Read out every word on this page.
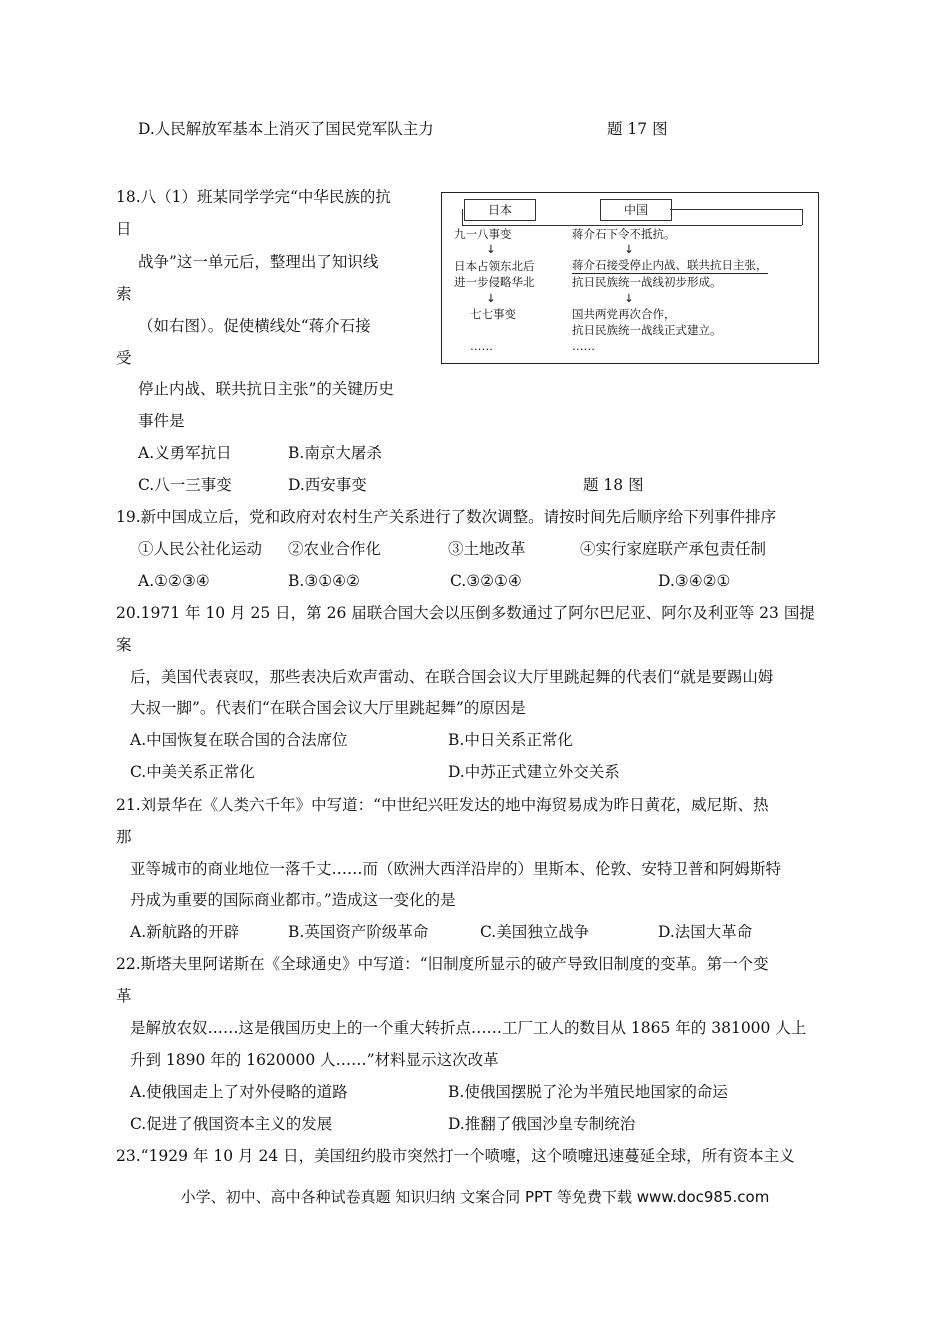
D.人民解放军基本上消灭了国民党军队主力	题 17 图
18.八（1）班某同学学完“中华民族的抗
日
战争”这一单元后，整理出了知识线
索
（如右图）。促使横线处“蒋介石接
受
停止内战、联共抗日主张”的关键历史
事件是
A.义勇军抗日	B.南京大屠杀
C.八一三事变	D.西安事变	题 18 图
19.新中国成立后，党和政府对农村生产关系进行了数次调整。请按时间先后顺序给下列事件排序
①人民公社化运动 ②农业合作化	③土地改革	④实行家庭联产承包责任制
A.①②③④	B.③①④②	C.③②①④	D.③④②①
20.1971 年 10 月 25 日，第 26 届联合国大会以压倒多数通过了阿尔巴尼亚、阿尔及利亚等 23 国提
案
后，美国代表哀叹，那些表决后欢声雷动、在联合国会议大厅里跳起舞的代表们“就是要踢山姆
大叔一脚”。代表们“在联合国会议大厅里跳起舞”的原因是
A.中国恢复在联合国的合法席位	B.中日关系正常化
C.中美关系正常化	D.中苏正式建立外交关系
21.刘景华在《人类六千年》中写道：“中世纪兴旺发达的地中海贸易成为昨日黄花，威尼斯、热
那
亚等城市的商业地位一落千丈……而（欧洲大西洋沿岸的）里斯本、伦敦、安特卫普和阿姆斯特
丹成为重要的国际商业都市。”造成这一变化的是
A.新航路的开辟	B.英国资产阶级革命	C.美国独立战争	D.法国大革命
22.斯塔夫里阿诺斯在《全球通史》中写道：“旧制度所显示的破产导致旧制度的变革。第一个变
革
是解放农奴……这是俄国历史上的一个重大转折点……工厂工人的数目从 1865 年的 381000 人上
升到 1890 年的 1620000 人……”材料显示这次改革
A.使俄国走上了对外侵略的道路	B.使俄国摆脱了沦为半殖民地国家的命运
C.促进了俄国资本主义的发展	D.推翻了俄国沙皇专制统治
23.“1929 年 10 月 24 日，美国纽约股市突然打一个喷嚏，这个喷嚏迅速蔓延全球，所有资本主义
日本	中国
九一八事变
↓
日本占领东北后
进一步侵略华北
↓
七七事变
……
蒋介石下令不抵抗。
↓
蒋介石接受停止内战、联共抗日主张，
抗日民族统一战线初步形成。
↓
国共两党再次合作，
抗日民族统一战线正式建立。
……
小学、初中、高中各种试卷真题 知识归纳 文案合同 PPT 等免费下载 www.doc985.com
